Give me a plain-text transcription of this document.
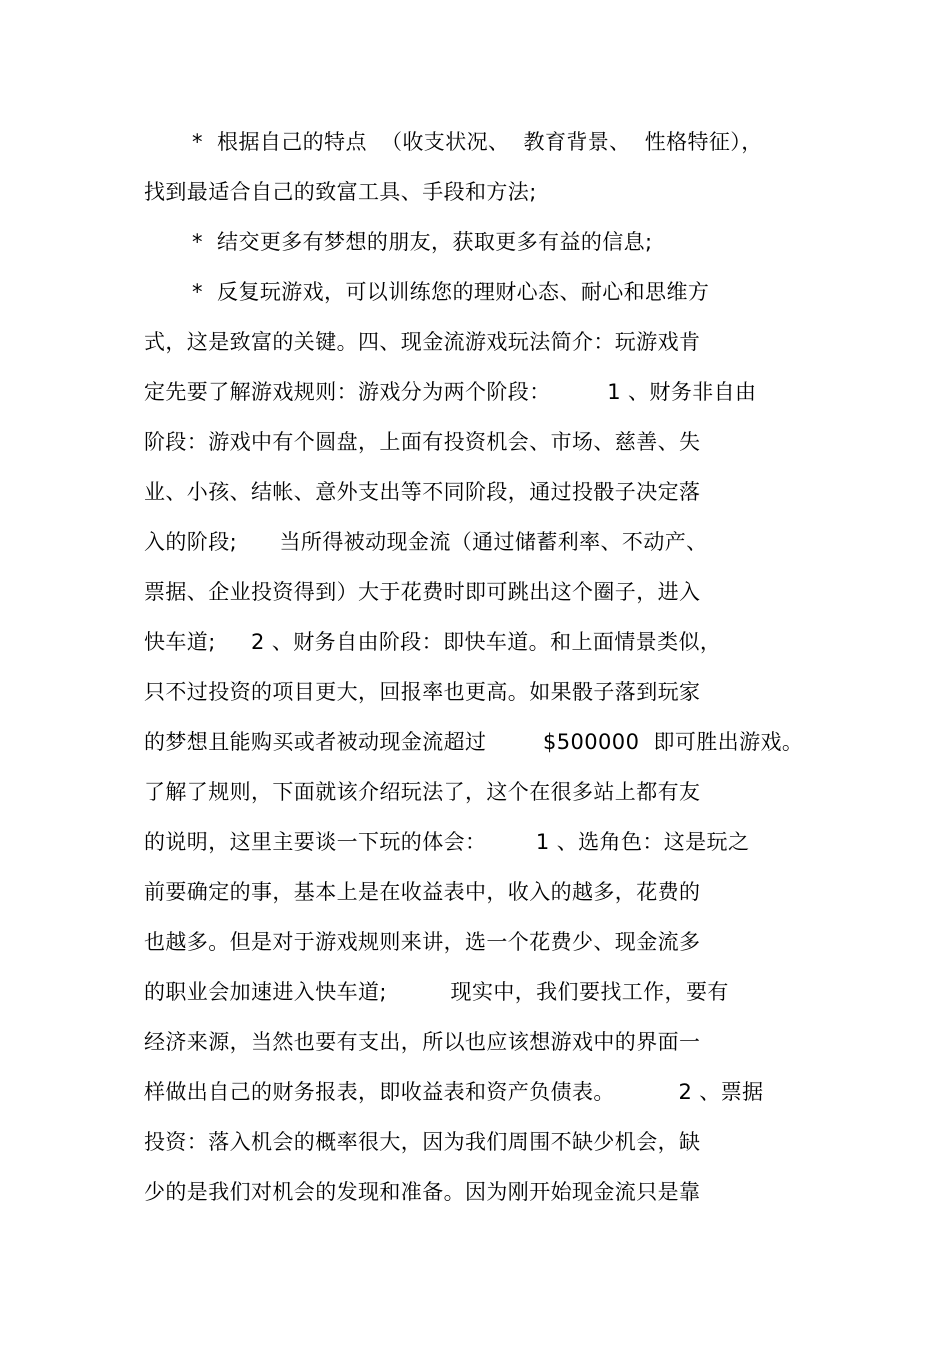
*  根据自己的特点  （收支状况、  教育背景、  性格特征），
找到最适合自己的致富工具、手段和方法;
*  结交更多有梦想的朋友，获取更多有益的信息;
*  反复玩游戏，可以训练您的理财心态、耐心和思维方
式，这是致富的关键。四、现金流游戏玩法简介：玩游戏肯
定先要了解游戏规则：游戏分为两个阶段：        1 、财务非自由
阶段：游戏中有个圆盘，上面有投资机会、市场、慈善、失
业、小孩、结帐、意外支出等不同阶段，通过投骰子决定落
入的阶段;      当所得被动现金流（通过储蓄利率、不动产、
票据、企业投资得到）大于花费时即可跳出这个圈子，进入
快车道;     2 、财务自由阶段：即快车道。和上面情景类似，
只不过投资的项目更大，回报率也更高。如果骰子落到玩家
的梦想且能购买或者被动现金流超过        $500000  即可胜出游戏。
了解了规则，下面就该介绍玩法了，这个在很多站上都有友
的说明，这里主要谈一下玩的体会：       1 、选角色：这是玩之
前要确定的事，基本上是在收益表中，收入的越多，花费的
也越多。但是对于游戏规则来讲，选一个花费少、现金流多
的职业会加速进入快车道;         现实中，我们要找工作，要有
经济来源，当然也要有支出，所以也应该想游戏中的界面一
样做出自己的财务报表，即收益表和资产负债表。         2 、票据
投资：落入机会的概率很大，因为我们周围不缺少机会，缺
少的是我们对机会的发现和准备。因为刚开始现金流只是靠
